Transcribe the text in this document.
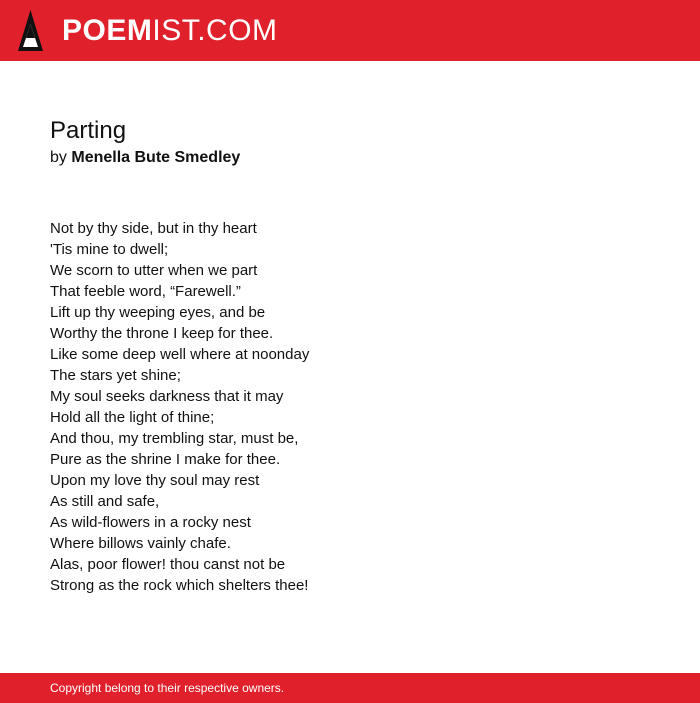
POEMIST.COM
Parting

by Menella Bute Smedley

Not by thy side, but in thy heart
'Tis mine to dwell;
We scorn to utter when we part
That feeble word, “Farewell.”
Lift up thy weeping eyes, and be
Worthy the throne I keep for thee.
Like some deep well where at noonday
The stars yet shine;
My soul seeks darkness that it may
Hold all the light of thine;
And thou, my trembling star, must be,
Pure as the shrine I make for thee.
Upon my love thy soul may rest
As still and safe,
As wild-flowers in a rocky nest
Where billows vainly chafe.
Alas, poor flower! thou canst not be
Strong as the rock which shelters thee!
Copyright belong to their respective owners.
